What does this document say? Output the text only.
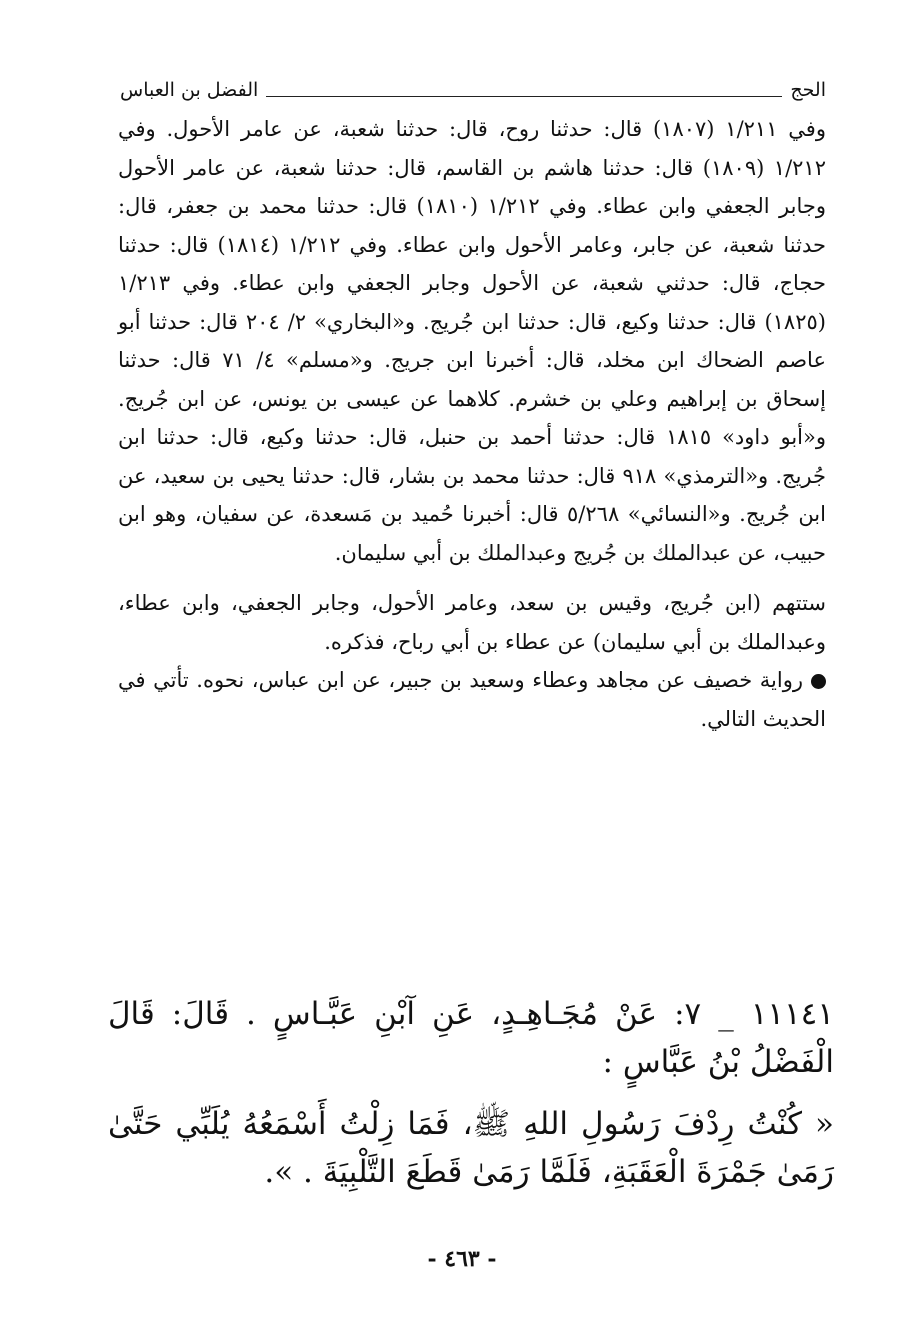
الحج
الفضل بن العباس

وفي ١/٢١١ (١٨٠٧) قال: حدثنا روح، قال: حدثنا شعبة، عن عامر الأحول. وفي ١/٢١٢ (١٨٠٩) قال: حدثنا هاشم بن القاسم، قال: حدثنا شعبة، عن عامر الأحول وجابر الجعفي وابن عطاء. وفي ١/٢١٢ (١٨١٠) قال: حدثنا محمد بن جعفر، قال: حدثنا شعبة، عن جابر، وعامر الأحول وابن عطاء. وفي ١/٢١٢ (١٨١٤) قال: حدثنا حجاج، قال: حدثني شعبة، عن الأحول وجابر الجعفي وابن عطاء. وفي ١/٢١٣ (١٨٢٥) قال: حدثنا وكيع، قال: حدثنا ابن جُريج. و«البخاري» ٢/ ٢٠٤ قال: حدثنا أبو عاصم الضحاك ابن مخلد، قال: أخبرنا ابن جريج. و«مسلم» ٤/ ٧١ قال: حدثنا إسحاق بن إبراهيم وعلي بن خشرم. كلاهما عن عيسى بن يونس، عن ابن جُريج. و«أبو داود» ١٨١٥ قال: حدثنا أحمد بن حنبل، قال: حدثنا وكيع، قال: حدثنا ابن جُريج. و«الترمذي» ٩١٨ قال: حدثنا محمد بن بشار، قال: حدثنا يحيى بن سعيد، عن ابن جُريج. و«النسائي» ٥/٢٦٨ قال: أخبرنا حُميد بن مَسعدة، عن سفيان، وهو ابن حبيب، عن عبدالملك بن جُريج وعبدالملك بن أبي سليمان.

ستتهم (ابن جُريج، وقيس بن سعد، وعامر الأحول، وجابر الجعفي، وابن عطاء، وعبدالملك بن أبي سليمان) عن عطاء بن أبي رباح، فذكره.

رواية خصيف عن مجاهد وعطاء وسعيد بن جبير، عن ابن عباس، نحوه. تأتي في الحديث التالي.

١١١٤١ _ ٧: عَنْ مُجَـاهِـدٍ، عَنِ آبْنِ عَبَّـاسٍ . قَالَ: قَالَ الْفَضْلُ بْنُ عَبَّاسٍ :

« كُنْتُ رِدْفَ رَسُولِ اللهِ ﷺ، فَمَا زِلْتُ أَسْمَعُهُ يُلَبِّي حَتَّىٰ رَمَىٰ جَمْرَةَ الْعَقَبَةِ، فَلَمَّا رَمَىٰ قَطَعَ التَّلْبِيَةَ . ».

- ٤٦٣ -
